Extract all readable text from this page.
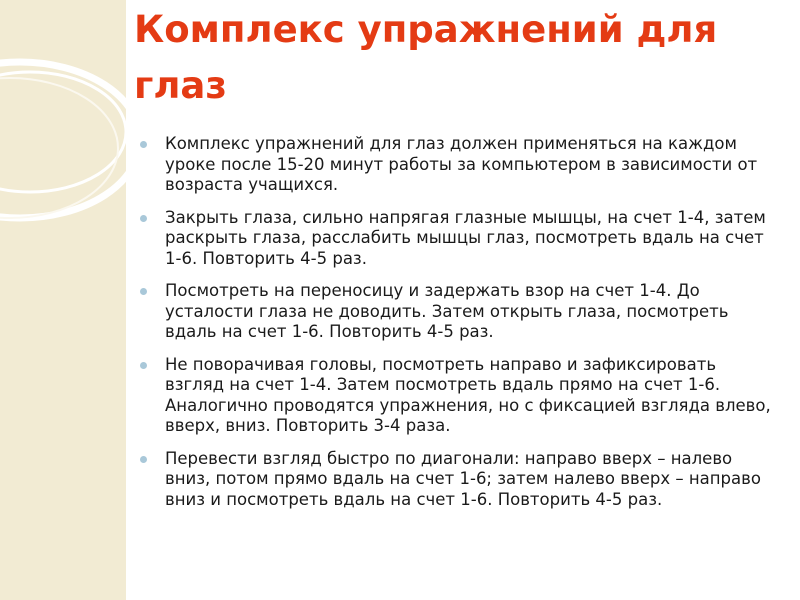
Комплекс упражнений для глаз
Комплекс упражнений для глаз должен применяться на каждом уроке после 15-20 минут работы за компьютером в зависимости от возраста учащихся.
Закрыть глаза, сильно напрягая глазные мышцы, на счет 1-4, затем раскрыть глаза, расслабить мышцы глаз, посмотреть вдаль на счет 1-6. Повторить 4-5 раз.
Посмотреть на переносицу и задержать взор на счет 1-4. До усталости глаза не доводить. Затем открыть глаза, посмотреть вдаль на счет 1-6. Повторить 4-5 раз.
Не поворачивая головы, посмотреть направо и зафиксировать взгляд на счет 1-4. Затем посмотреть вдаль прямо на счет 1-6. Аналогично проводятся упражнения, но с фиксацией взгляда влево, вверх, вниз. Повторить 3-4 раза.
Перевести взгляд быстро по диагонали: направо вверх – налево вниз, потом прямо вдаль на счет 1-6; затем налево вверх – направо вниз и посмотреть вдаль на счет 1-6. Повторить 4-5 раз.
